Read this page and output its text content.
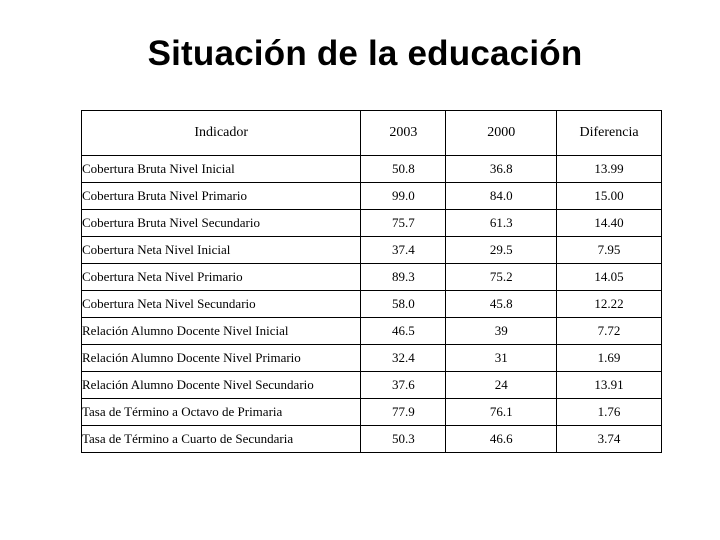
Situación de la educación
Indicador	2003	2000	Diferencia
Cobertura Bruta Nivel Inicial	50.8	36.8	13.99
Cobertura Bruta Nivel Primario	99.0	84.0	15.00
Cobertura Bruta Nivel Secundario	75.7	61.3	14.40
Cobertura Neta Nivel Inicial	37.4	29.5	7.95
Cobertura Neta Nivel Primario	89.3	75.2	14.05
Cobertura Neta Nivel Secundario	58.0	45.8	12.22
Relación Alumno Docente Nivel Inicial	46.5	39	7.72
Relación Alumno Docente Nivel Primario	32.4	31	1.69
Relación Alumno Docente Nivel Secundario	37.6	24	13.91
Tasa de Término a Octavo de Primaria	77.9	76.1	1.76
Tasa de Término a Cuarto de Secundaria	50.3	46.6	3.74
